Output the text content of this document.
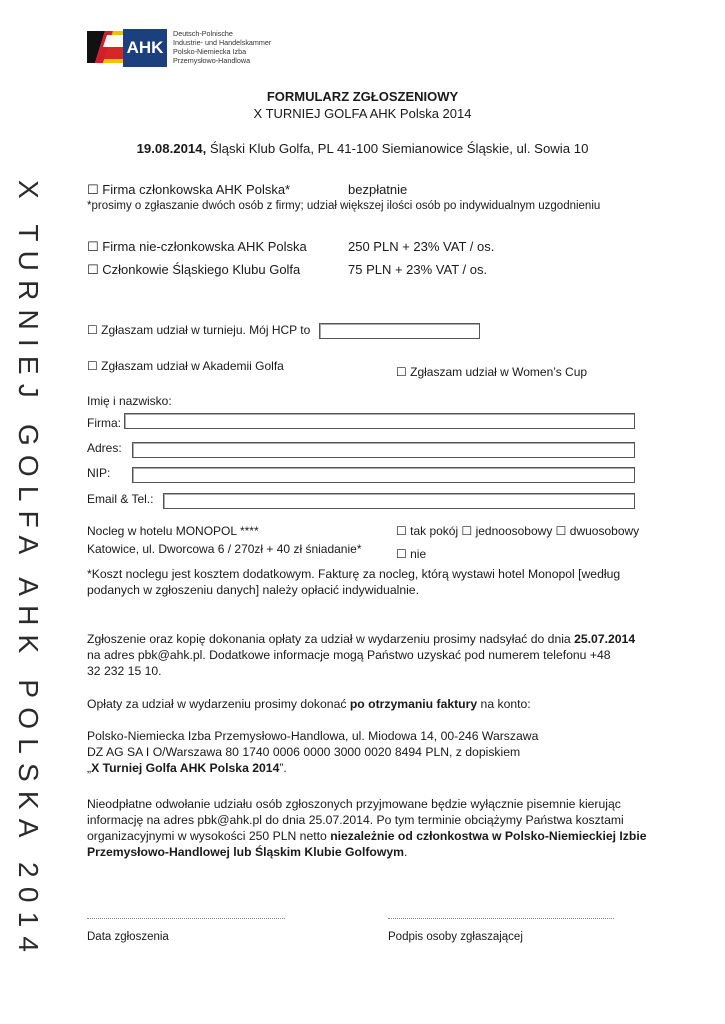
X TURNIEJ GOLFA AHK POLSKA 2014
AHK
Deutsch-Polnische
Industrie- und Handelskammer
Polsko-Niemiecka Izba
Przemysłowo-Handlowa
FORMULARZ ZGŁOSZENIOWY
X TURNIEJ GOLFA AHK Polska 2014
19.08.2014, Śląski Klub Golfa, PL 41-100 Siemianowice Śląskie, ul. Sowia 10
☐ Firma członkowska AHK Polska*	bezpłatnie
*prosimy o zgłaszanie dwóch osób z firmy; udział większej ilości osób po indywidualnym uzgodnieniu
☐ Firma nie-członkowska AHK Polska	250 PLN + 23% VAT / os.
☐ Członkowie Śląskiego Klubu Golfa	75 PLN + 23% VAT / os.
☐ Zgłaszam udział w turnieju. Mój HCP to
☐ Zgłaszam udział w Akademii Golfa	☐ Zgłaszam udział w Women’s Cup
Imię i nazwisko:
Firma:
Adres:
NIP:
Email & Tel.:
Nocleg w hotelu MONOPOL ****
Katowice, ul. Dworcowa 6 / 270zł + 40 zł śniadanie*
☐ tak pokój ☐ jednoosobowy ☐ dwuosobowy
☐ nie
*Koszt noclegu jest kosztem dodatkowym. Fakturę za nocleg, którą wystawi hotel Monopol [według
podanych w zgłoszeniu danych] należy opłacić indywidualnie.
Zgłoszenie oraz kopię dokonania opłaty za udział w wydarzeniu prosimy nadsyłać do dnia 25.07.2014
na adres pbk@ahk.pl. Dodatkowe informacje mogą Państwo uzyskać pod numerem telefonu +48
32 232 15 10.
Opłaty za udział w wydarzeniu prosimy dokonać po otrzymaniu faktury na konto:
Polsko-Niemiecka Izba Przemysłowo-Handlowa, ul. Miodowa 14, 00-246 Warszawa
DZ AG SA I O/Warszawa 80 1740 0006 0000 3000 0020 8494 PLN, z dopiskiem
„X Turniej Golfa AHK Polska 2014”.
Nieodpłatne odwołanie udziału osób zgłoszonych przyjmowane będzie wyłącznie pisemnie kierując
informację na adres pbk@ahk.pl do dnia 25.07.2014. Po tym terminie obciążymy Państwa kosztami
organizacyjnymi w wysokości 250 PLN netto niezależnie od członkostwa w Polsko-Niemieckiej Izbie
Przemysłowo-Handlowej lub Śląskim Klubie Golfowym.
Data zgłoszenia	Podpis osoby zgłaszającej
